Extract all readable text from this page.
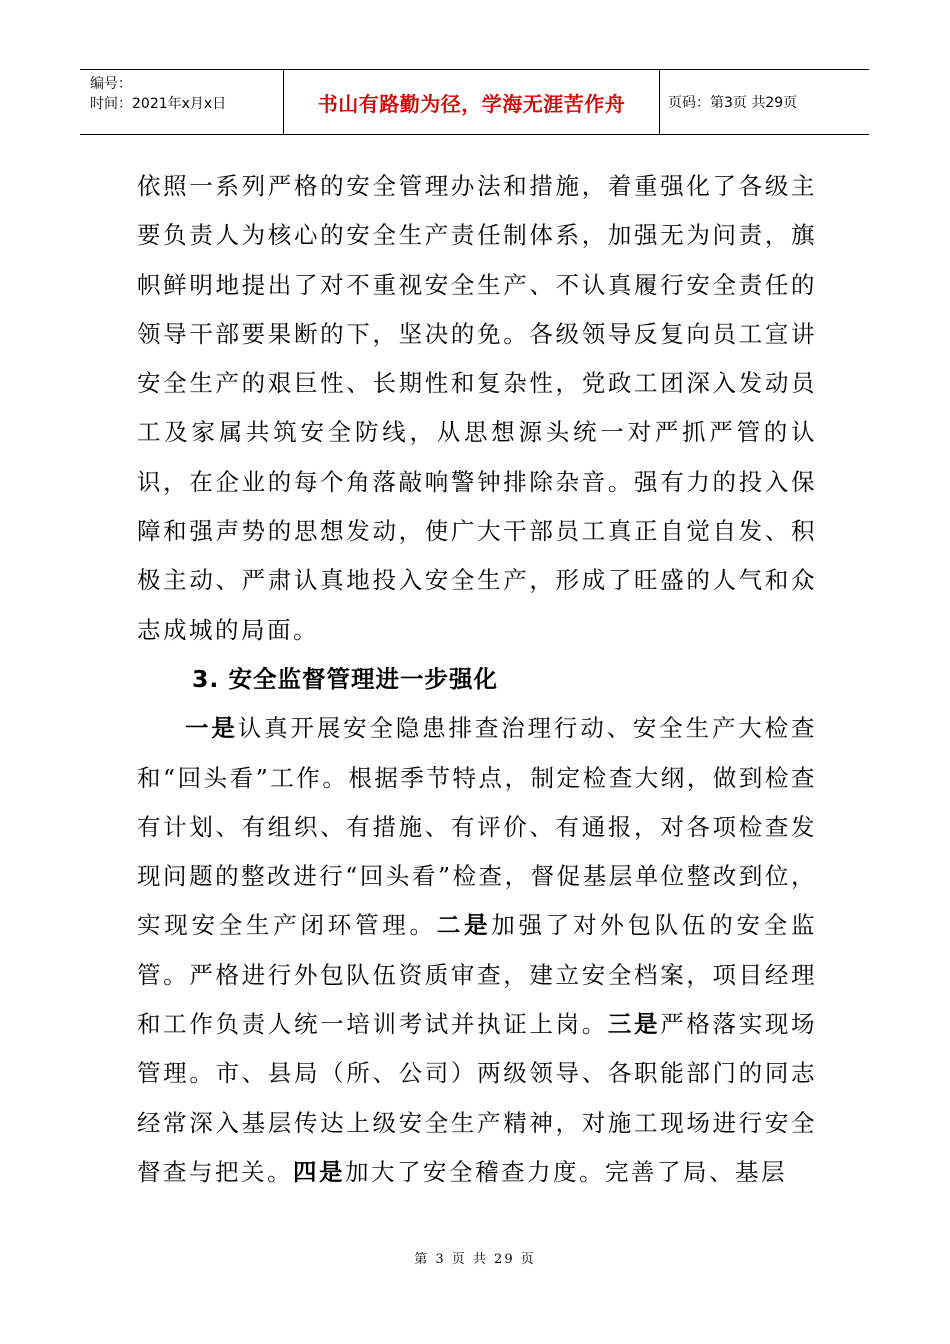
编号：
时间：2021年x月x日	书山有路勤为径，学海无涯苦作舟	页码：第3页 共29页

依照一系列严格的安全管理办法和措施，着重强化了各级主要负责人为核心的安全生产责任制体系，加强无为问责，旗帜鲜明地提出了对不重视安全生产、不认真履行安全责任的领导干部要果断的下，坚决的免。各级领导反复向员工宣讲安全生产的艰巨性、长期性和复杂性，党政工团深入发动员工及家属共筑安全防线，从思想源头统一对严抓严管的认识，在企业的每个角落敲响警钟排除杂音。强有力的投入保障和强声势的思想发动，使广大干部员工真正自觉自发、积极主动、严肃认真地投入安全生产，形成了旺盛的人气和众志成城的局面。

3. 安全监督管理进一步强化

一是认真开展安全隐患排查治理行动、安全生产大检查和“回头看”工作。根据季节特点，制定检查大纲，做到检查有计划、有组织、有措施、有评价、有通报，对各项检查发现问题的整改进行“回头看”检查，督促基层单位整改到位，实现安全生产闭环管理。二是加强了对外包队伍的安全监管。严格进行外包队伍资质审查，建立安全档案，项目经理和工作负责人统一培训考试并执证上岗。三是严格落实现场管理。市、县局（所、公司）两级领导、各职能部门的同志经常深入基层传达上级安全生产精神，对施工现场进行安全督查与把关。四是加大了安全稽查力度。完善了局、基层

第 3 页 共 29 页
